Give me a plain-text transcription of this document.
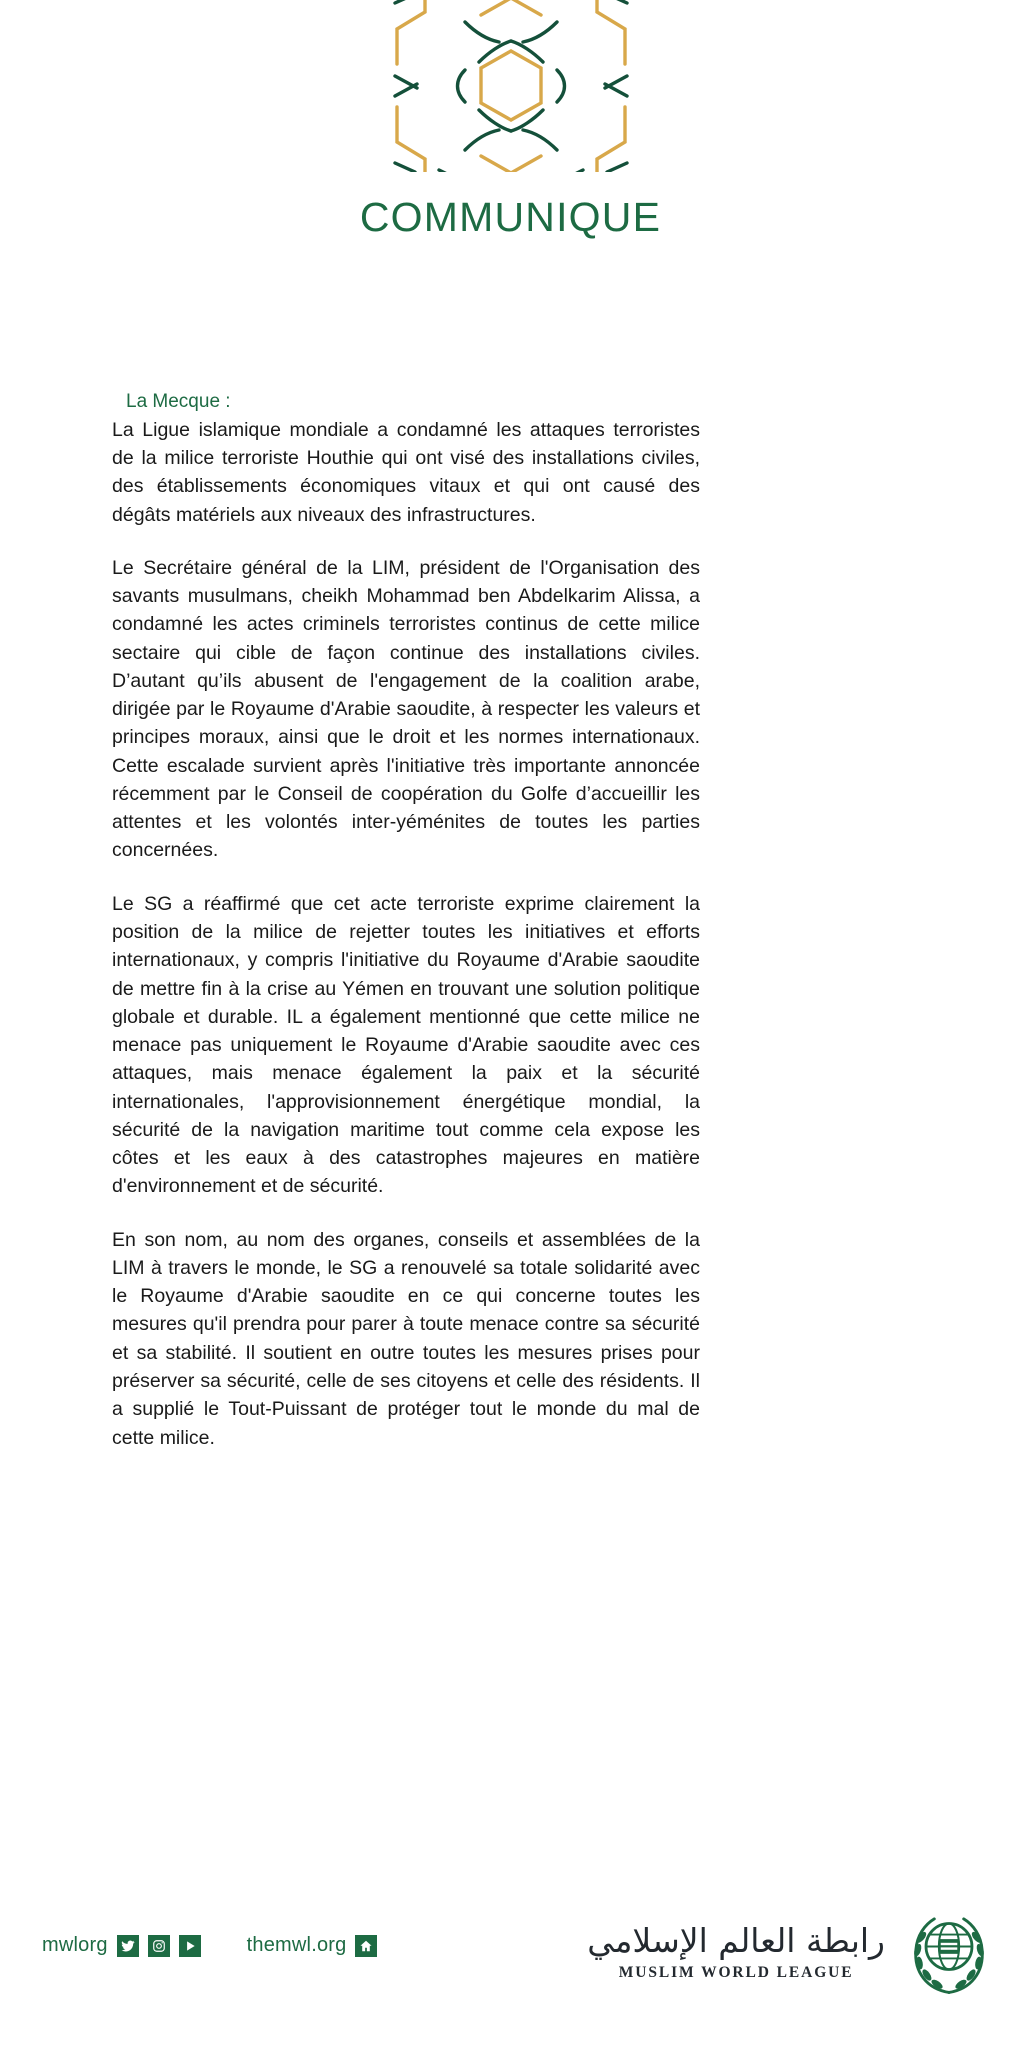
COMMUNIQUE
La Mecque :

La Ligue islamique mondiale a condamné les attaques terroristes de la milice terroriste Houthie qui ont visé des installations civiles, des établissements économiques vitaux et qui ont causé des dégâts matériels aux niveaux des infrastructures.

Le Secrétaire général de la LIM, président de l'Organisation des savants musulmans, cheikh Mohammad ben Abdelkarim Alissa, a condamné les actes criminels terroristes continus de cette milice sectaire qui cible de façon continue des installations civiles. D’autant qu’ils abusent de l'engagement de la coalition arabe, dirigée par le Royaume d'Arabie saoudite, à respecter les valeurs et principes moraux, ainsi que le droit et les normes internationaux. Cette escalade survient après l'initiative très importante annoncée récemment par le Conseil de coopération du Golfe d’accueillir les attentes et les volontés inter-yéménites de toutes les parties concernées.

Le SG a réaffirmé que cet acte terroriste exprime clairement la position de la milice de rejetter toutes les initiatives et efforts internationaux, y compris l'initiative du Royaume d'Arabie saoudite de mettre fin à la crise au Yémen en trouvant une solution politique globale et durable. IL a également mentionné que cette milice ne menace pas uniquement le Royaume d'Arabie saoudite avec ces attaques, mais menace également la paix et la sécurité internationales, l'approvisionnement énergétique mondial, la sécurité de la navigation maritime tout comme cela expose les côtes et les eaux à des catastrophes majeures en matière d'environnement et de sécurité.

En son nom, au nom des organes, conseils et assemblées de la LIM à travers le monde, le SG a renouvelé sa totale solidarité avec le Royaume d'Arabie saoudite en ce qui concerne toutes les mesures qu'il prendra pour parer à toute menace contre sa sécurité et sa stabilité. Il soutient en outre toutes les mesures prises pour préserver sa sécurité, celle de ses citoyens et celle des résidents. Il a supplié le Tout-Puissant de protéger tout le monde du mal de cette milice.

mwlorg	themwl.org	رابطة العالم الإسلامي
MUSLIM WORLD LEAGUE
